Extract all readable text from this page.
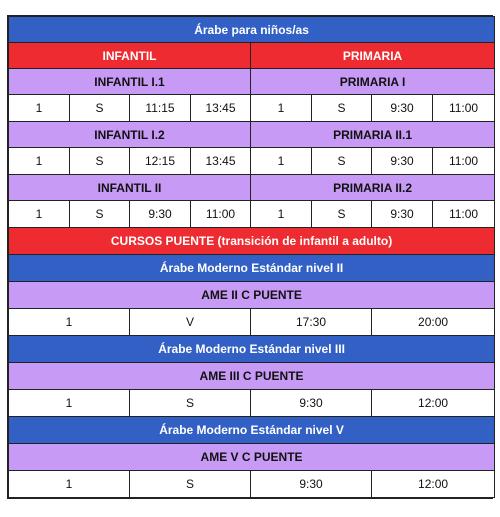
Árabe para niños/as							
INFANTIL				PRIMARIA			
INFANTIL I.1				PRIMARIA I			
1	S	11:15	13:45	1	S	9:30	11:00
INFANTIL I.2				PRIMARIA II.1			
1	S	12:15	13:45	1	S	9:30	11:00
INFANTIL II				PRIMARIA II.2			
1	S	9:30	11:00	1	S	9:30	11:00
CURSOS PUENTE (transición de infantil a adulto)							
Árabe Moderno Estándar nivel II							
AME II C PUENTE							
1		V		17:30		20:00	
Árabe Moderno Estándar nivel III							
AME III C PUENTE							
1		S		9:30		12:00	
Árabe Moderno Estándar nivel V							
AME V C PUENTE							
1		S		9:30		12:00	
